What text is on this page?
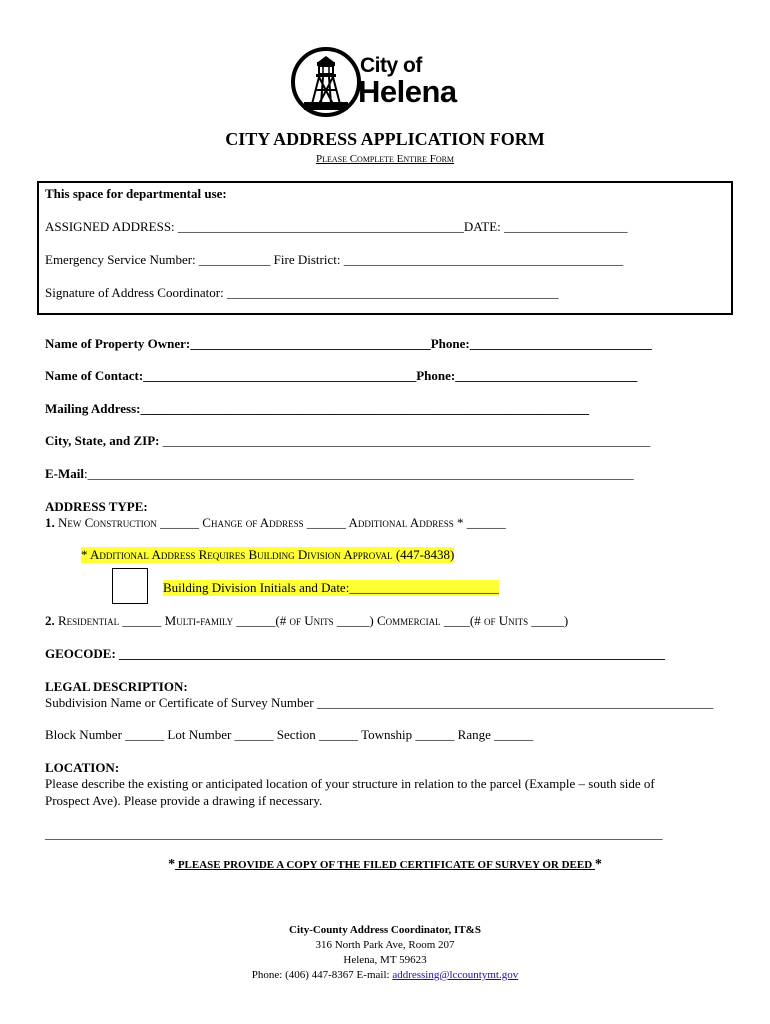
City of
Helena
CITY ADDRESS APPLICATION FORM
Please Complete Entire Form
This space for departmental use:
ASSIGNED ADDRESS: ____________________________________________DATE: ___________________
Emergency Service Number: ___________ Fire District: ___________________________________________
Signature of Address Coordinator: ___________________________________________________
Name of Property Owner:_____________________________________Phone:____________________________
Name of Contact:__________________________________________Phone:____________________________
Mailing Address:_____________________________________________________________________
City, State, and ZIP: ___________________________________________________________________________
E-Mail:____________________________________________________________________________________
ADDRESS TYPE:
1. New Construction ______ Change of Address ______ Additional Address * ______
* Additional Address Requires Building Division Approval (447-8438)
Building Division Initials and Date:_______________________
2. Residential ______ Multi-family ______(# of Units _____) Commercial ____(# of Units _____)
GEOCODE: ____________________________________________________________________________________
LEGAL DESCRIPTION:
Subdivision Name or Certificate of Survey Number _____________________________________________________________
Block Number ______ Lot Number ______ Section ______ Township ______ Range ______
LOCATION:
Please describe the existing or anticipated location of your structure in relation to the parcel (Example – south side of
Prospect Ave). Please provide a drawing if necessary.
_______________________________________________________________________________________________
* PLEASE PROVIDE A COPY OF THE FILED CERTIFICATE OF SURVEY OR DEED *
City-County Address Coordinator, IT&S
316 North Park Ave, Room 207
Helena, MT 59623
Phone: (406) 447-8367 E-mail: addressing@lccountymt.gov
